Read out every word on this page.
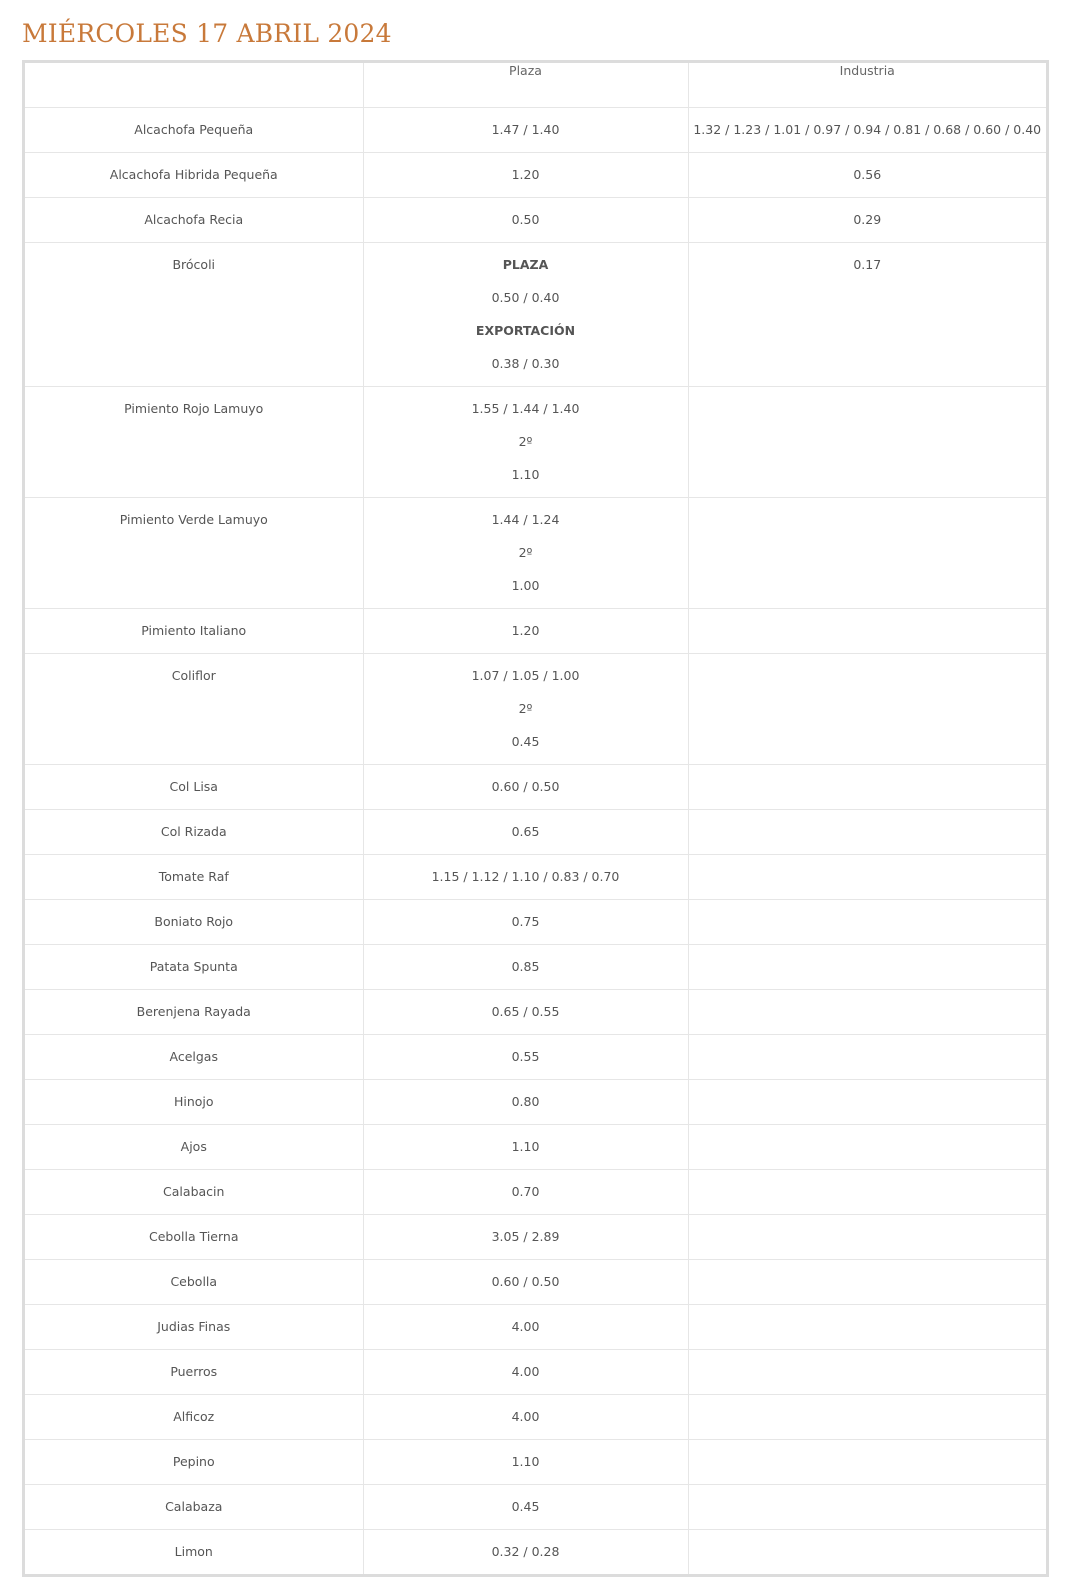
MIÉRCOLES 17 ABRIL 2024
	Plaza	Industria

Alcachofa Pequeña	1.47 / 1.40	1.32 / 1.23 / 1.01 / 0.97 / 0.94 / 0.81 / 0.68 / 0.60 / 0.40

Alcachofa Hibrida Pequeña	1.20	0.56

Alcachofa Recia	0.50	0.29

Brócoli	PLAZA
0.50 / 0.40
EXPORTACIÓN
0.38 / 0.30	0.17

Pimiento Rojo Lamuyo	1.55 / 1.44 / 1.40
2º
1.10	

Pimiento Verde Lamuyo	1.44 / 1.24
2º
1.00	

Pimiento Italiano	1.20	

Coliflor	1.07 / 1.05 / 1.00
2º
0.45	

Col Lisa	0.60 / 0.50	

Col Rizada	0.65	

Tomate Raf	1.15 / 1.12 / 1.10 / 0.83 / 0.70	

Boniato Rojo	0.75	

Patata Spunta	0.85	

Berenjena Rayada	0.65 / 0.55	

Acelgas	0.55	

Hinojo	0.80	

Ajos	1.10	

Calabacin	0.70	

Cebolla Tierna	3.05 / 2.89	

Cebolla	0.60 / 0.50	

Judias Finas	4.00	

Puerros	4.00	

Alficoz	4.00	

Pepino	1.10	

Calabaza	0.45	

Limon	0.32 / 0.28	
